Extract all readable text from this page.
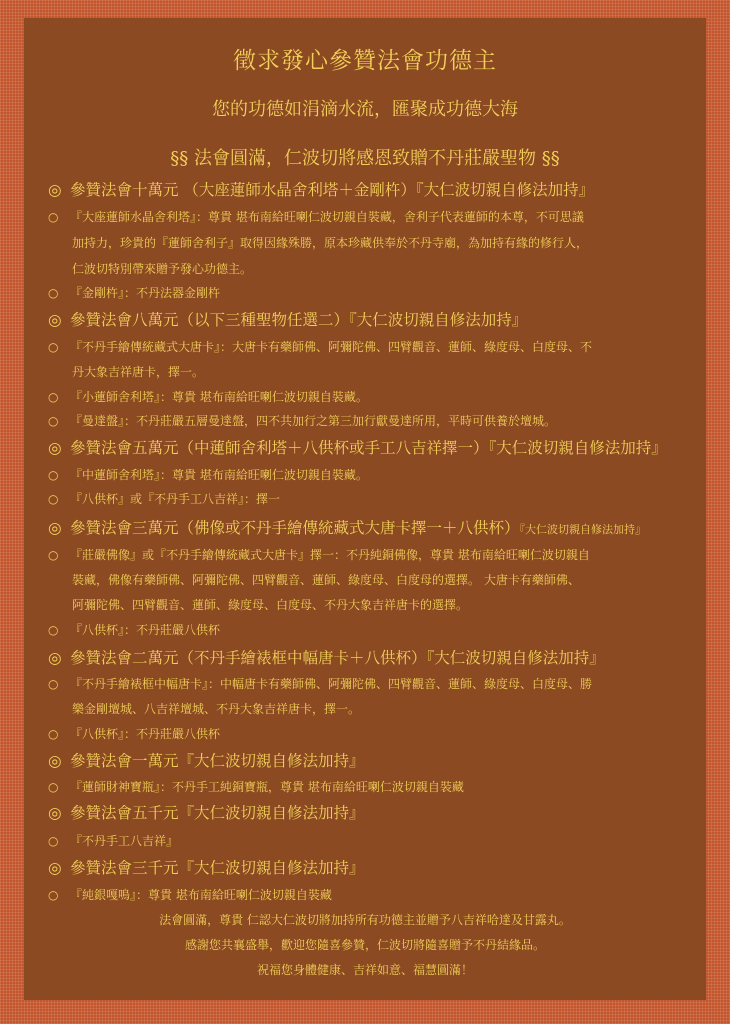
徵求發心參贊法會功德主
您的功德如涓滴水流，匯聚成功德大海
§§ 法會圓滿，仁波切將感恩致贈不丹莊嚴聖物 §§
◎ 參贊法會十萬元 （大座蓮師水晶舍利塔＋金剛杵）『大仁波切親自修法加持』
○ 『大座蓮師水晶舍利塔』：尊貴 堪布南給旺喇仁波切親自裝藏，舍利子代表蓮師的本尊，不可思議
加持力，珍貴的『蓮師舍利子』取得因緣殊勝，原本珍藏供奉於不丹寺廟，為加持有緣的修行人，
仁波切特別帶來贈予發心功德主。
○ 『金剛杵』：不丹法器金剛杵
◎ 參贊法會八萬元（以下三種聖物任選二）『大仁波切親自修法加持』
○ 『不丹手繪傳統藏式大唐卡』：大唐卡有藥師佛、阿彌陀佛、四臂觀音、蓮師、綠度母、白度母、不
丹大象吉祥唐卡，擇一。
○ 『小蓮師舍利塔』：尊貴 堪布南給旺喇仁波切親自裝藏。
○ 『曼達盤』：不丹莊嚴五層曼達盤，四不共加行之第三加行獻曼達所用，平時可供養於壇城。
◎ 參贊法會五萬元（中蓮師舍利塔＋八供杯或手工八吉祥擇一）『大仁波切親自修法加持』
○ 『中蓮師舍利塔』：尊貴 堪布南給旺喇仁波切親自裝藏。
○ 『八供杯』或『不丹手工八吉祥』：擇一
◎ 參贊法會三萬元（佛像或不丹手繪傳統藏式大唐卡擇一＋八供杯）『大仁波切親自修法加持』
○ 『莊嚴佛像』或『不丹手繪傳統藏式大唐卡』擇一：不丹純銅佛像，尊貴 堪布南給旺喇仁波切親自
裝藏，佛像有藥師佛、阿彌陀佛、四臂觀音、蓮師、綠度母、白度母的選擇。 大唐卡有藥師佛、
阿彌陀佛、四臂觀音、蓮師、綠度母、白度母、不丹大象吉祥唐卡的選擇。
○ 『八供杯』：不丹莊嚴八供杯
◎ 參贊法會二萬元（不丹手繪裱框中幅唐卡＋八供杯）『大仁波切親自修法加持』
○ 『不丹手繪裱框中幅唐卡』：中幅唐卡有藥師佛、阿彌陀佛、四臂觀音、蓮師、綠度母、白度母、勝
樂金剛壇城、八吉祥壇城、不丹大象吉祥唐卡，擇一。
○ 『八供杯』：不丹莊嚴八供杯
◎ 參贊法會一萬元『大仁波切親自修法加持』
○ 『蓮師財神寶瓶』：不丹手工純銅寶瓶，尊貴 堪布南給旺喇仁波切親自裝藏
◎ 參贊法會五千元『大仁波切親自修法加持』
○ 『不丹手工八吉祥』
◎ 參贊法會三千元『大仁波切親自修法加持』
○ 『純銀嘎嗚』：尊貴 堪布南給旺喇仁波切親自裝藏
法會圓滿，尊貴 仁認大仁波切將加持所有功德主並贈予八吉祥哈達及甘露丸。
感謝您共襄盛舉，歡迎您隨喜參贊，仁波切將隨喜贈予不丹結緣品。
祝福您身體健康、吉祥如意、福慧圓滿！
